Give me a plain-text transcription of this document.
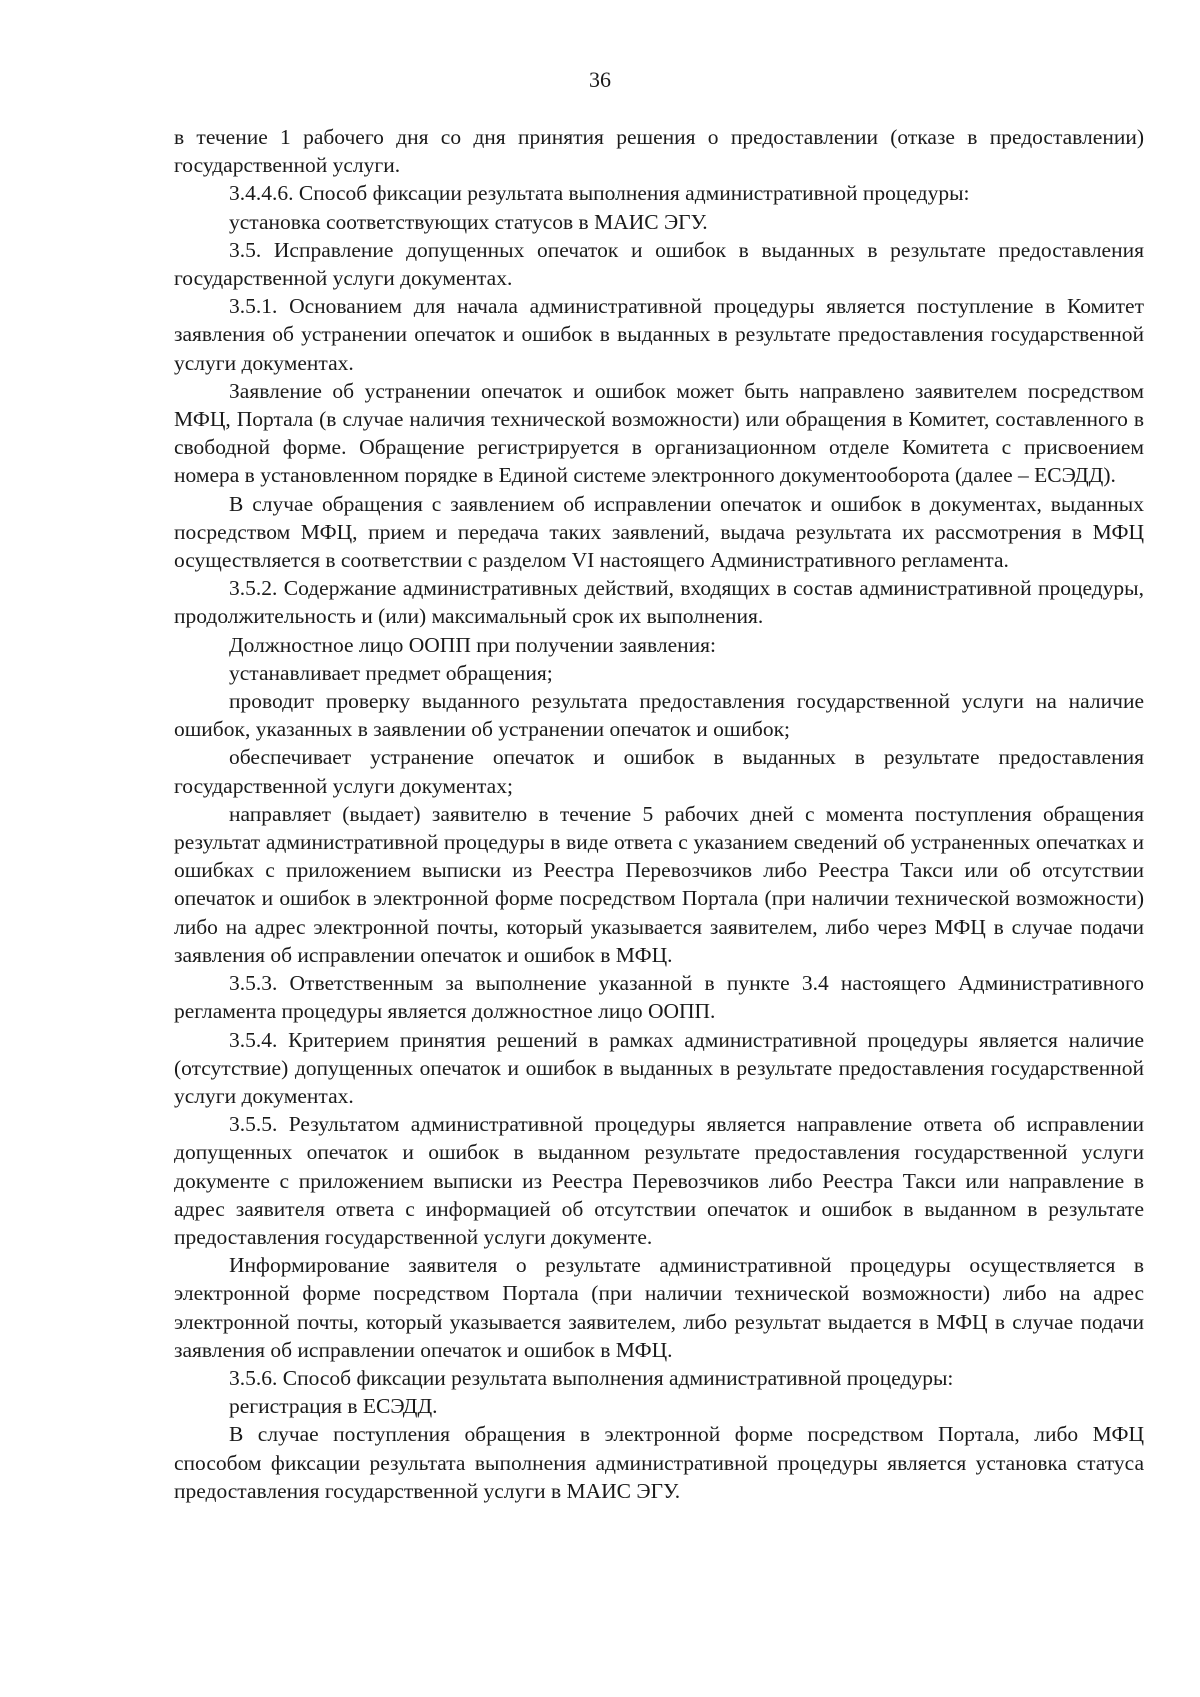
36

в течение 1 рабочего дня со дня принятия решения о предоставлении (отказе в предоставлении) государственной услуги.

3.4.4.6. Способ фиксации результата выполнения административной процедуры:

установка соответствующих статусов в МАИС ЭГУ.

3.5. Исправление допущенных опечаток и ошибок в выданных в результате предоставления государственной услуги документах.

3.5.1. Основанием для начала административной процедуры является поступление в Комитет заявления об устранении опечаток и ошибок в выданных в результате предоставления государственной услуги документах.

Заявление об устранении опечаток и ошибок может быть направлено заявителем посредством МФЦ, Портала (в случае наличия технической возможности) или обращения в Комитет, составленного в свободной форме. Обращение регистрируется в организационном отделе Комитета с присвоением номера в установленном порядке в Единой системе электронного документооборота (далее – ЕСЭДД).

В случае обращения с заявлением об исправлении опечаток и ошибок в документах, выданных посредством МФЦ, прием и передача таких заявлений, выдача результата их рассмотрения в МФЦ осуществляется в соответствии с разделом VI настоящего Административного регламента.

3.5.2. Содержание административных действий, входящих в состав административной процедуры, продолжительность и (или) максимальный срок их выполнения.

Должностное лицо ООПП при получении заявления:

устанавливает предмет обращения;

проводит проверку выданного результата предоставления государственной услуги на наличие ошибок, указанных в заявлении об устранении опечаток и ошибок;

обеспечивает устранение опечаток и ошибок в выданных в результате предоставления государственной услуги документах;

направляет (выдает) заявителю в течение 5 рабочих дней с момента поступления обращения результат административной процедуры в виде ответа с указанием сведений об устраненных опечатках и ошибках с приложением выписки из Реестра Перевозчиков либо Реестра Такси или об отсутствии опечаток и ошибок в электронной форме посредством Портала (при наличии технической возможности) либо на адрес электронной почты, который указывается заявителем, либо через МФЦ в случае подачи заявления об исправлении опечаток и ошибок в МФЦ.

3.5.3. Ответственным за выполнение указанной в пункте 3.4 настоящего Административного регламента процедуры является должностное лицо ООПП.

3.5.4. Критерием принятия решений в рамках административной процедуры является наличие (отсутствие) допущенных опечаток и ошибок в выданных в результате предоставления государственной услуги документах.

3.5.5. Результатом административной процедуры является направление ответа об исправлении допущенных опечаток и ошибок в выданном результате предоставления государственной услуги документе с приложением выписки из Реестра Перевозчиков либо Реестра Такси или направление в адрес заявителя ответа с информацией об отсутствии опечаток и ошибок в выданном в результате предоставления государственной услуги документе.

Информирование заявителя о результате административной процедуры осуществляется в электронной форме посредством Портала (при наличии технической возможности) либо на адрес электронной почты, который указывается заявителем, либо результат выдается в МФЦ в случае подачи заявления об исправлении опечаток и ошибок в МФЦ.

3.5.6. Способ фиксации результата выполнения административной процедуры:

регистрация в ЕСЭДД.

В случае поступления обращения в электронной форме посредством Портала, либо МФЦ способом фиксации результата выполнения административной процедуры является установка статуса предоставления государственной услуги в МАИС ЭГУ.
